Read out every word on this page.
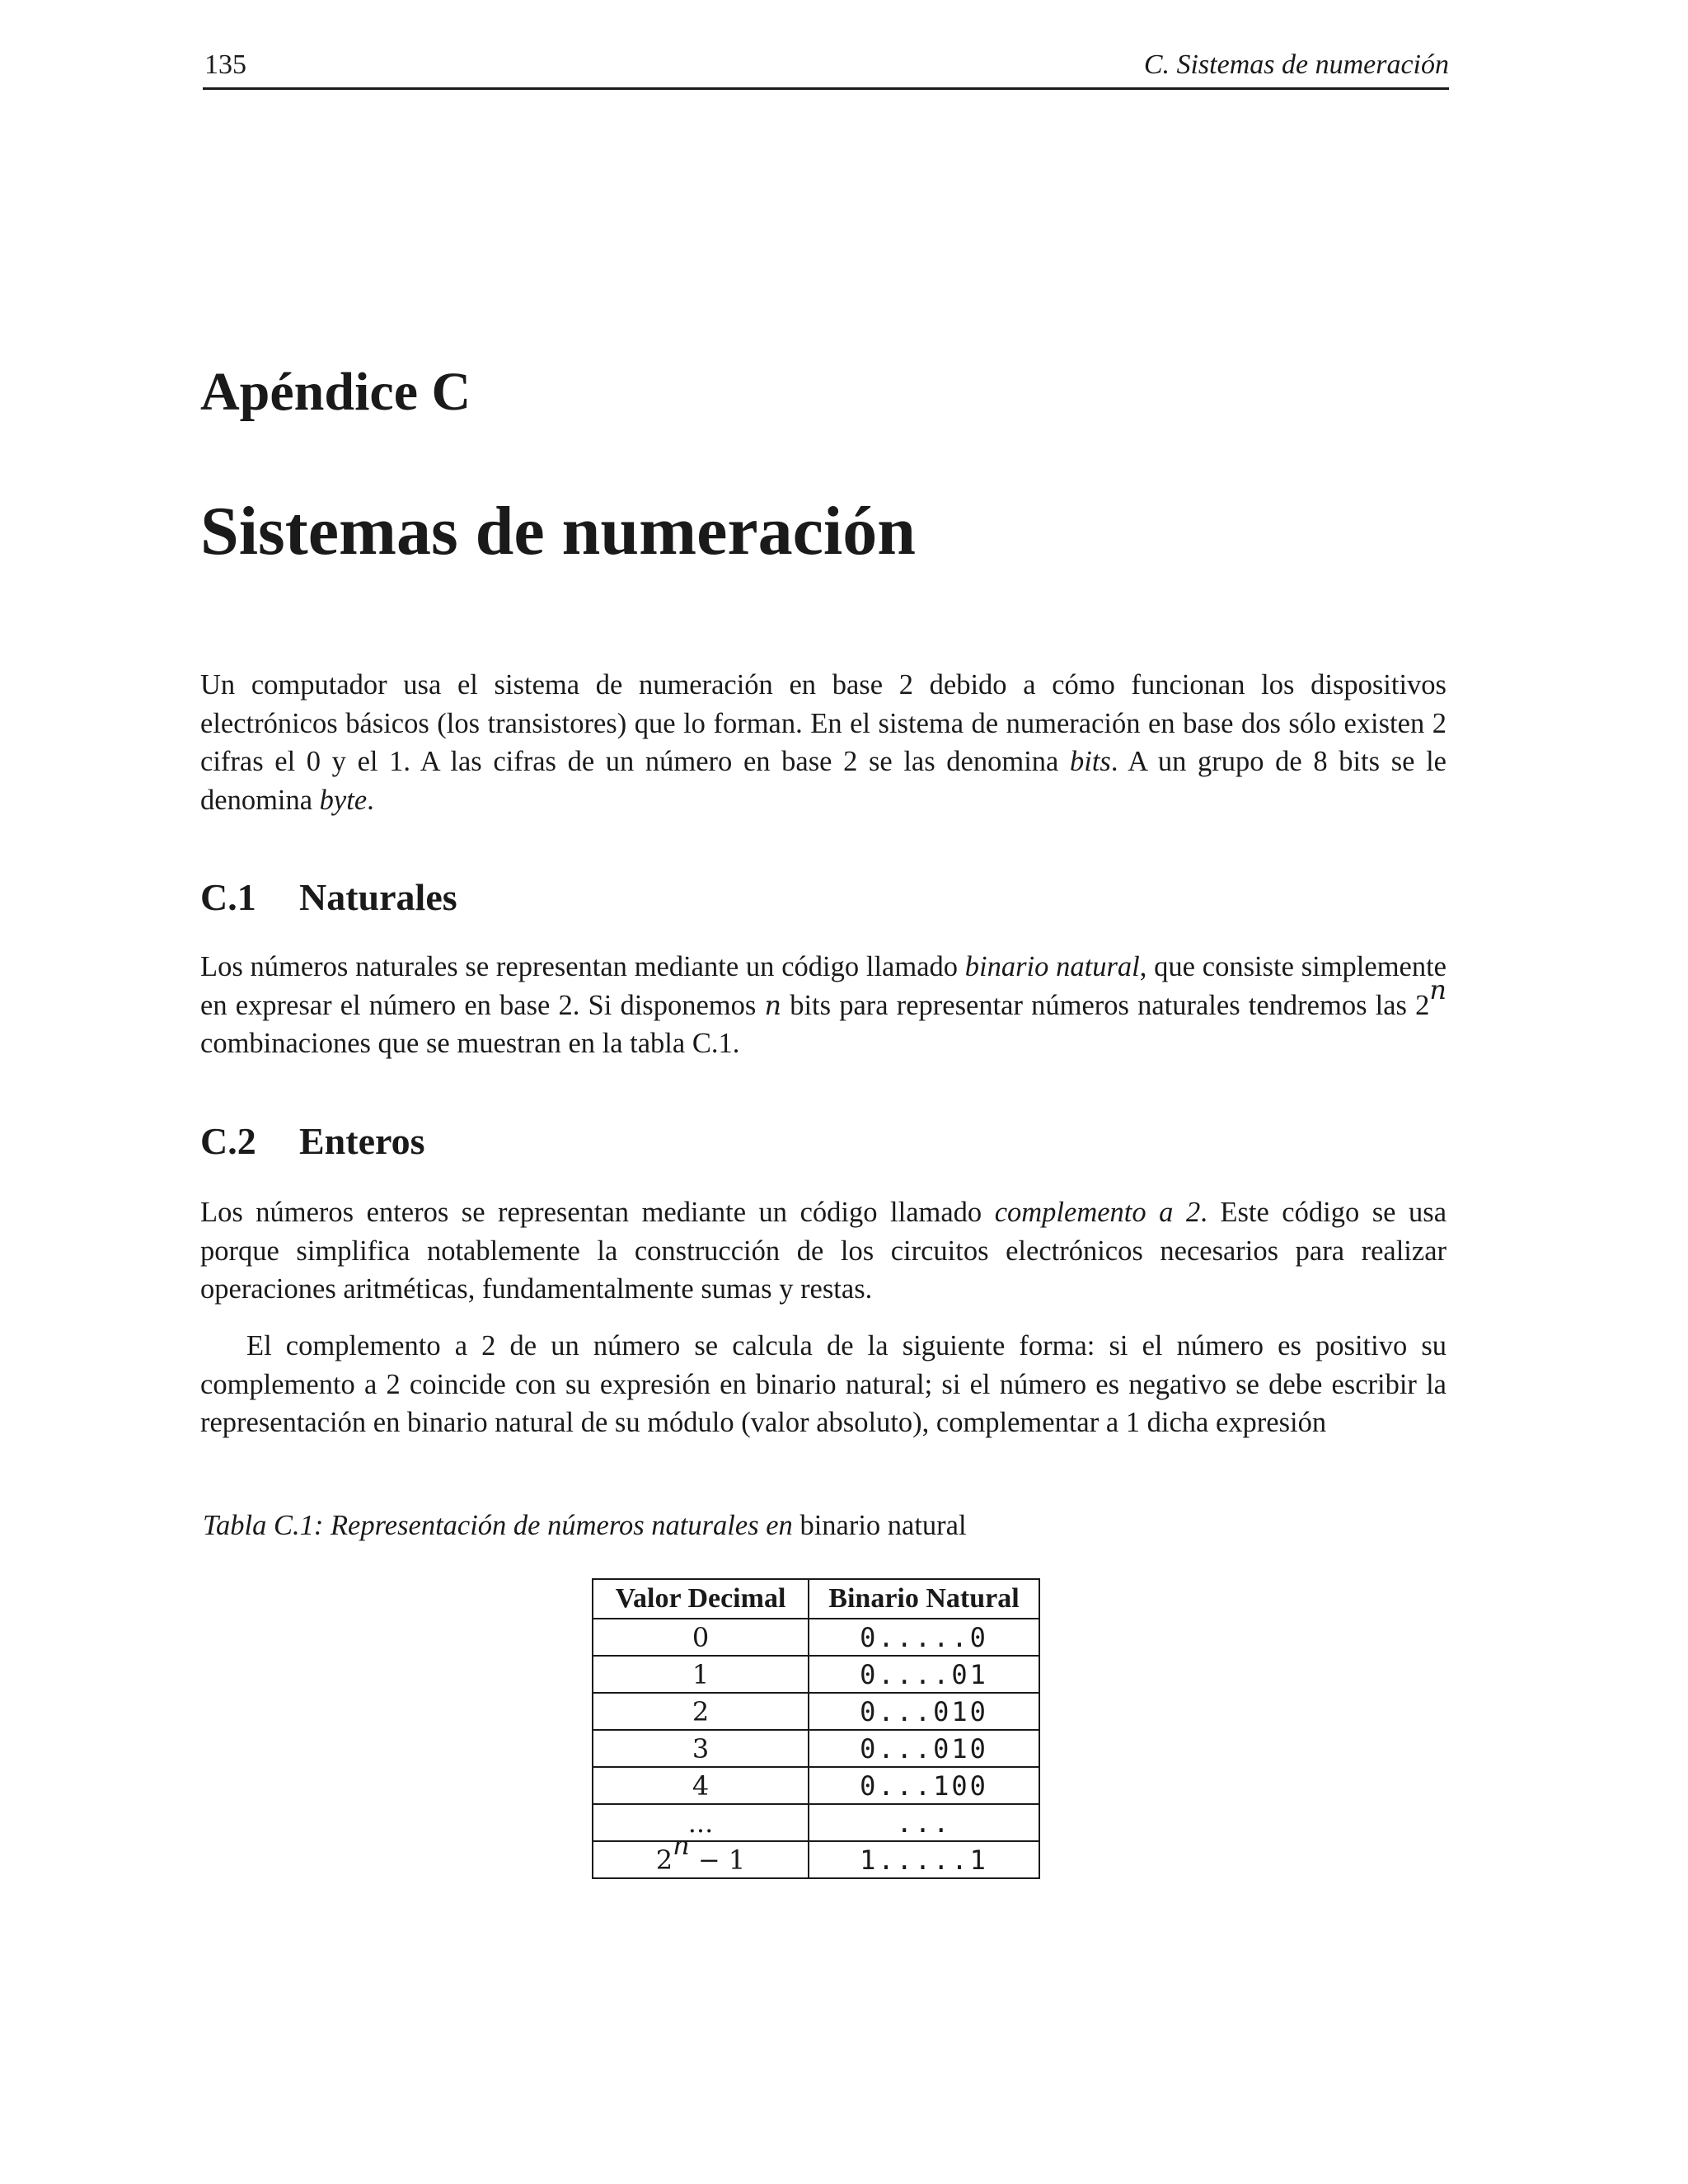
135	C. Sistemas de numeración
Apéndice C
Sistemas de numeración

Un computador usa el sistema de numeración en base 2 debido a cómo funcionan los dispositivos electrónicos básicos (los transistores) que lo forman. En el sistema de numeración en base dos sólo existen 2 cifras el 0 y el 1. A las cifras de un número en base 2 se las denomina bits. A un grupo de 8 bits se le denomina byte.

C.1 Naturales

Los números naturales se representan mediante un código llamado binario natural, que consiste simplemente en expresar el número en base 2. Si disponemos n bits para representar números naturales tendremos las 2$^n$ combinaciones que se muestran en la tabla C.1.

C.2 Enteros

Los números enteros se representan mediante un código llamado complemento a 2. Este código se usa porque simplifica notablemente la construcción de los circuitos electrónicos necesarios para realizar operaciones aritméticas, fundamentalmente sumas y restas.

El complemento a 2 de un número se calcula de la siguiente forma: si el número es positivo su complemento a 2 coincide con su expresión en binario natural; si el número es negativo se debe escribir la representación en binario natural de su módulo (valor absoluto), complementar a 1 dicha expresión

Tabla C.1: Representación de números naturales en binario natural
Valor Decimal	Binario Natural
0	0.....0
1	0....01
2	0...010
3	0...010
4	0...100
...	...
$2^n - 1$	1.....1
